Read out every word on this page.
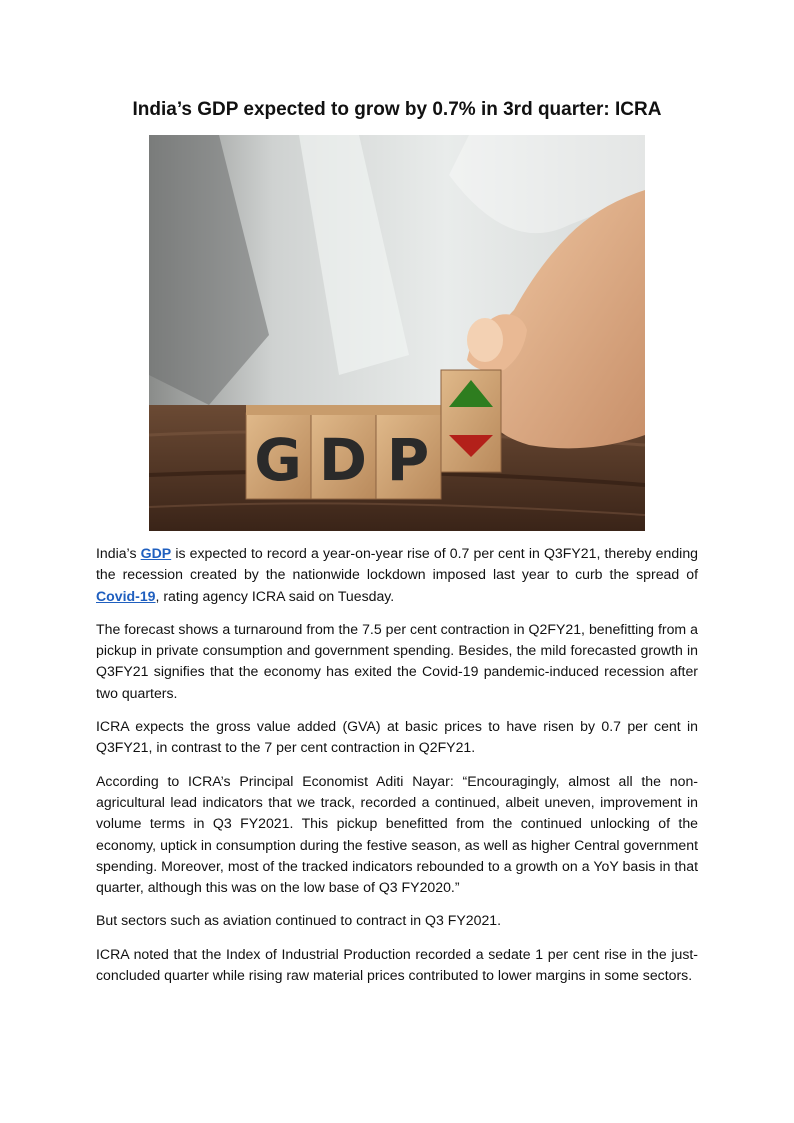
India’s GDP expected to grow by 0.7% in 3rd quarter: ICRA
G D P

India’s GDP is expected to record a year-on-year rise of 0.7 per cent in Q3FY21, thereby ending the recession created by the nationwide lockdown imposed last year to curb the spread of Covid-19, rating agency ICRA said on Tuesday.

The forecast shows a turnaround from the 7.5 per cent contraction in Q2FY21, benefitting from a pickup in private consumption and government spending. Besides, the mild forecasted growth in Q3FY21 signifies that the economy has exited the Covid-19 pandemic-induced recession after two quarters.

ICRA expects the gross value added (GVA) at basic prices to have risen by 0.7 per cent in Q3FY21, in contrast to the 7 per cent contraction in Q2FY21.

According to ICRA’s Principal Economist Aditi Nayar: “Encouragingly, almost all the non-agricultural lead indicators that we track, recorded a continued, albeit uneven, improvement in volume terms in Q3 FY2021. This pickup benefitted from the continued unlocking of the economy, uptick in consumption during the festive season, as well as higher Central government spending. Moreover, most of the tracked indicators rebounded to a growth on a YoY basis in that quarter, although this was on the low base of Q3 FY2020.”

But sectors such as aviation continued to contract in Q3 FY2021.

ICRA noted that the Index of Industrial Production recorded a sedate 1 per cent rise in the just-concluded quarter while rising raw material prices contributed to lower margins in some sectors.
